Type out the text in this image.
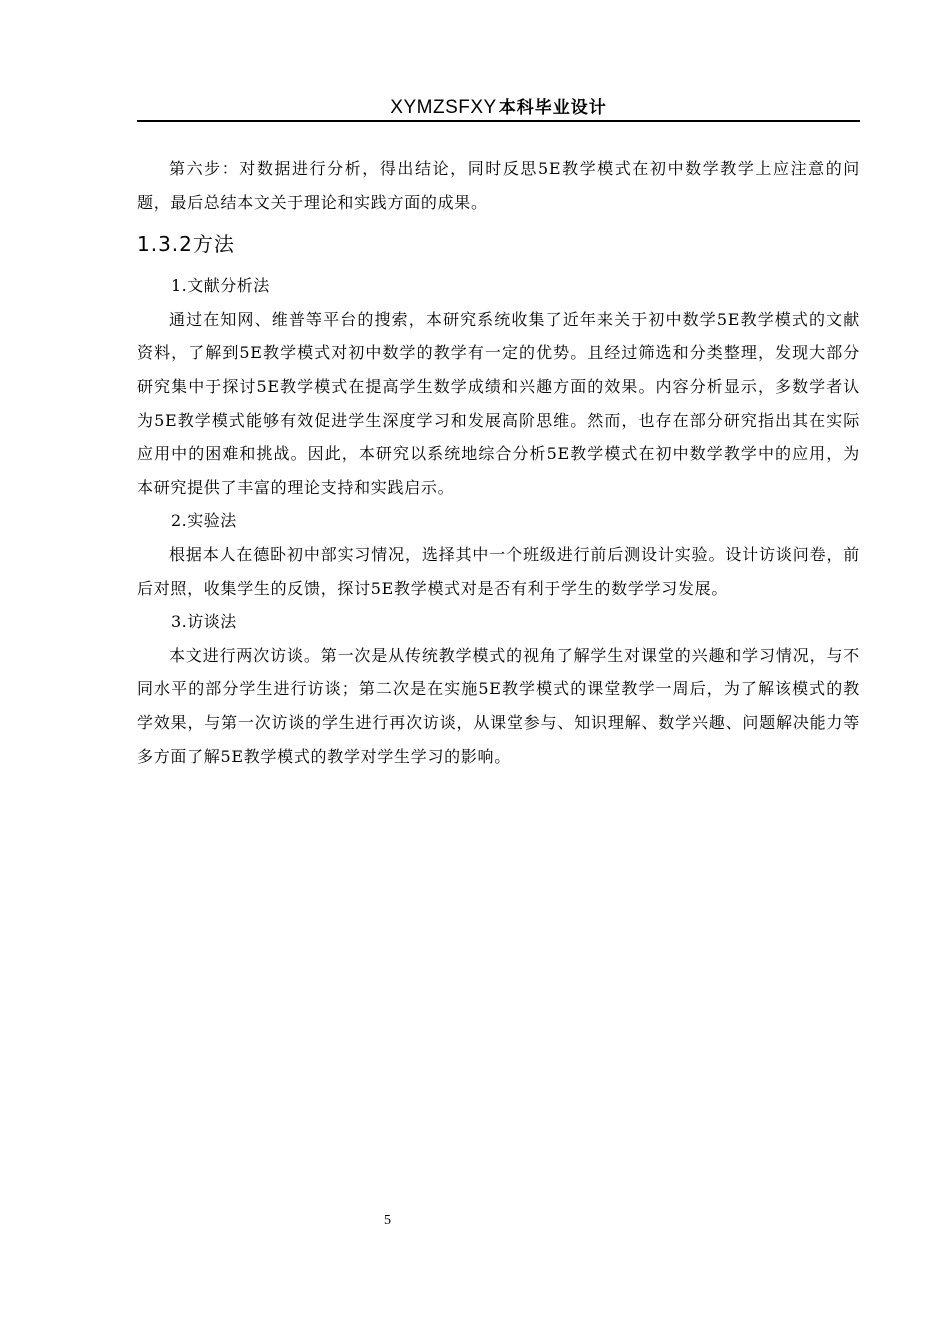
XYMZSFXY 本科毕业设计

第六步：对数据进行分析，得出结论，同时反思5E教学模式在初中数学教学上应注意的问题，最后总结本文关于理论和实践方面的成果。

1.3.2方法

1.文献分析法

通过在知网、维普等平台的搜索，本研究系统收集了近年来关于初中数学5E教学模式的文献资料，了解到5E教学模式对初中数学的教学有一定的优势。且经过筛选和分类整理，发现大部分研究集中于探讨5E教学模式在提高学生数学成绩和兴趣方面的效果。内容分析显示，多数学者认为5E教学模式能够有效促进学生深度学习和发展高阶思维。然而，也存在部分研究指出其在实际应用中的困难和挑战。因此，本研究以系统地综合分析5E教学模式在初中数学教学中的应用，为本研究提供了丰富的理论支持和实践启示。

2.实验法

根据本人在德卧初中部实习情况，选择其中一个班级进行前后测设计实验。设计访谈问卷，前后对照，收集学生的反馈，探讨5E教学模式对是否有利于学生的数学学习发展。

3.访谈法

本文进行两次访谈。第一次是从传统教学模式的视角了解学生对课堂的兴趣和学习情况，与不同水平的部分学生进行访谈；第二次是在实施5E教学模式的课堂教学一周后，为了解该模式的教学效果，与第一次访谈的学生进行再次访谈，从课堂参与、知识理解、数学兴趣、问题解决能力等多方面了解5E教学模式的教学对学生学习的影响。

5
